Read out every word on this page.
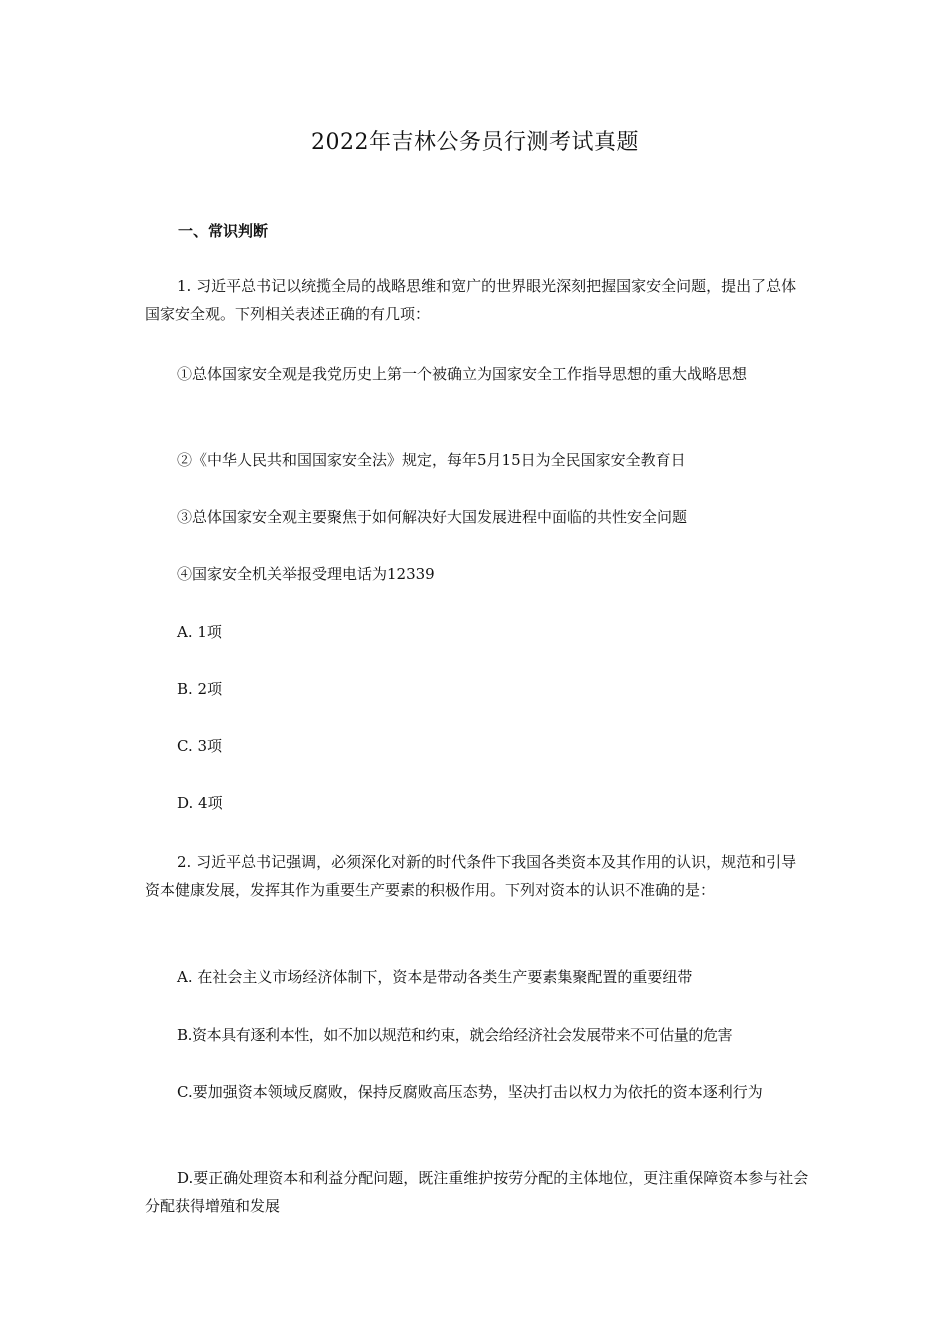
2022年吉林公务员行测考试真题
一、常识判断

1. 习近平总书记以统揽全局的战略思维和宽广的世界眼光深刻把握国家安全问题，提出了总体国家安全观。下列相关表述正确的有几项：

①总体国家安全观是我党历史上第一个被确立为国家安全工作指导思想的重大战略思想

②《中华人民共和国国家安全法》规定，每年5月15日为全民国家安全教育日

③总体国家安全观主要聚焦于如何解决好大国发展进程中面临的共性安全问题

④国家安全机关举报受理电话为12339

A. 1项

B. 2项

C. 3项

D. 4项

2. 习近平总书记强调，必须深化对新的时代条件下我国各类资本及其作用的认识，规范和引导资本健康发展，发挥其作为重要生产要素的积极作用。下列对资本的认识不准确的是：

A. 在社会主义市场经济体制下，资本是带动各类生产要素集聚配置的重要纽带

B.资本具有逐利本性，如不加以规范和约束，就会给经济社会发展带来不可估量的危害

C.要加强资本领域反腐败，保持反腐败高压态势，坚决打击以权力为依托的资本逐利行为

D.要正确处理资本和利益分配问题，既注重维护按劳分配的主体地位，更注重保障资本参与社会分配获得增殖和发展
